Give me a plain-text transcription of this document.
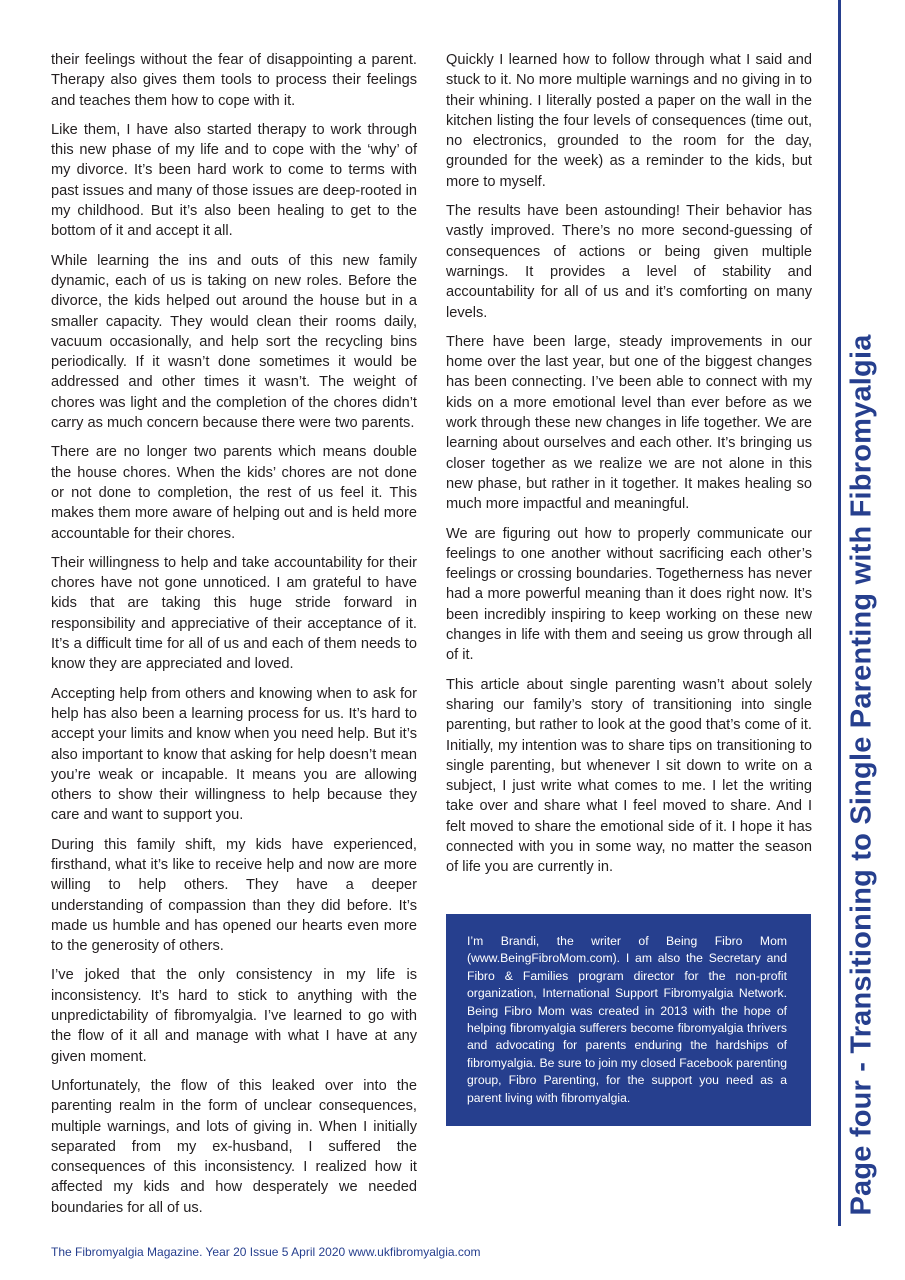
their feelings without the fear of disappointing a parent. Therapy also gives them tools to process their feelings and teaches them how to cope with it.

Like them, I have also started therapy to work through this new phase of my life and to cope with the ‘why’ of my divorce. It’s been hard work to come to terms with past issues and many of those issues are deep-rooted in my childhood. But it’s also been healing to get to the bottom of it and accept it all.

While learning the ins and outs of this new family dynamic, each of us is taking on new roles. Before the divorce, the kids helped out around the house but in a smaller capacity. They would clean their rooms daily, vacuum occasionally, and help sort the recycling bins periodically. If it wasn’t done sometimes it would be addressed and other times it wasn’t. The weight of chores was light and the completion of the chores didn’t carry as much concern because there were two parents.

There are no longer two parents which means double the house chores. When the kids’ chores are not done or not done to completion, the rest of us feel it. This makes them more aware of helping out and is held more accountable for their chores.

Their willingness to help and take accountability for their chores have not gone unnoticed. I am grateful to have kids that are taking this huge stride forward in responsibility and appreciative of their acceptance of it. It’s a difficult time for all of us and each of them needs to know they are appreciated and loved.

Accepting help from others and knowing when to ask for help has also been a learning process for us. It’s hard to accept your limits and know when you need help. But it’s also important to know that asking for help doesn’t mean you’re weak or incapable. It means you are allowing others to show their willingness to help because they care and want to support you.

During this family shift, my kids have experienced, firsthand, what it’s like to receive help and now are more willing to help others. They have a deeper understanding of compassion than they did before. It’s made us humble and has opened our hearts even more to the generosity of others.

I’ve joked that the only consistency in my life is inconsistency. It’s hard to stick to anything with the unpredictability of fibromyalgia. I’ve learned to go with the flow of it all and manage with what I have at any given moment.

Unfortunately, the flow of this leaked over into the parenting realm in the form of unclear consequences, multiple warnings, and lots of giving in. When I initially separated from my ex-husband, I suffered the consequences of this inconsistency. I realized how it affected my kids and how desperately we needed boundaries for all of us.

Quickly I learned how to follow through what I said and stuck to it. No more multiple warnings and no giving in to their whining. I literally posted a paper on the wall in the kitchen listing the four levels of consequences (time out, no electronics, grounded to the room for the day, grounded for the week) as a reminder to the kids, but more to myself.

The results have been astounding! Their behavior has vastly improved. There’s no more second-guessing of consequences of actions or being given multiple warnings. It provides a level of stability and accountability for all of us and it’s comforting on many levels.

There have been large, steady improvements in our home over the last year, but one of the biggest changes has been connecting. I’ve been able to connect with my kids on a more emotional level than ever before as we work through these new changes in life together. We are learning about ourselves and each other. It’s bringing us closer together as we realize we are not alone in this new phase, but rather in it together. It makes healing so much more impactful and meaningful.

We are figuring out how to properly communicate our feelings to one another without sacrificing each other’s feelings or crossing boundaries. Togetherness has never had a more powerful meaning than it does right now. It’s been incredibly inspiring to keep working on these new changes in life with them and seeing us grow through all of it.

This article about single parenting wasn’t about solely sharing our family’s story of transitioning into single parenting, but rather to look at the good that’s come of it. Initially, my intention was to share tips on transitioning to single parenting, but whenever I sit down to write on a subject, I just write what comes to me. I let the writing take over and share what I feel moved to share. And I felt moved to share the emotional side of it. I hope it has connected with you in some way, no matter the season of life you are currently in.

I’m Brandi, the writer of Being Fibro Mom (www.BeingFibroMom.com). I am also the Secretary and Fibro & Families program director for the non-profit organization, International Support Fibromyalgia Network. Being Fibro Mom was created in 2013 with the hope of helping fibromyalgia sufferers become fibromyalgia thrivers and advocating for parents enduring the hardships of fibromyalgia. Be sure to join my closed Facebook parenting group, Fibro Parenting, for the support you need as a parent living with fibromyalgia.	Page four - Transitioning to Single Parenting with Fibromyalgia
The Fibromyalgia Magazine. Year 20 Issue 5 April 2020 www.ukfibromyalgia.com
